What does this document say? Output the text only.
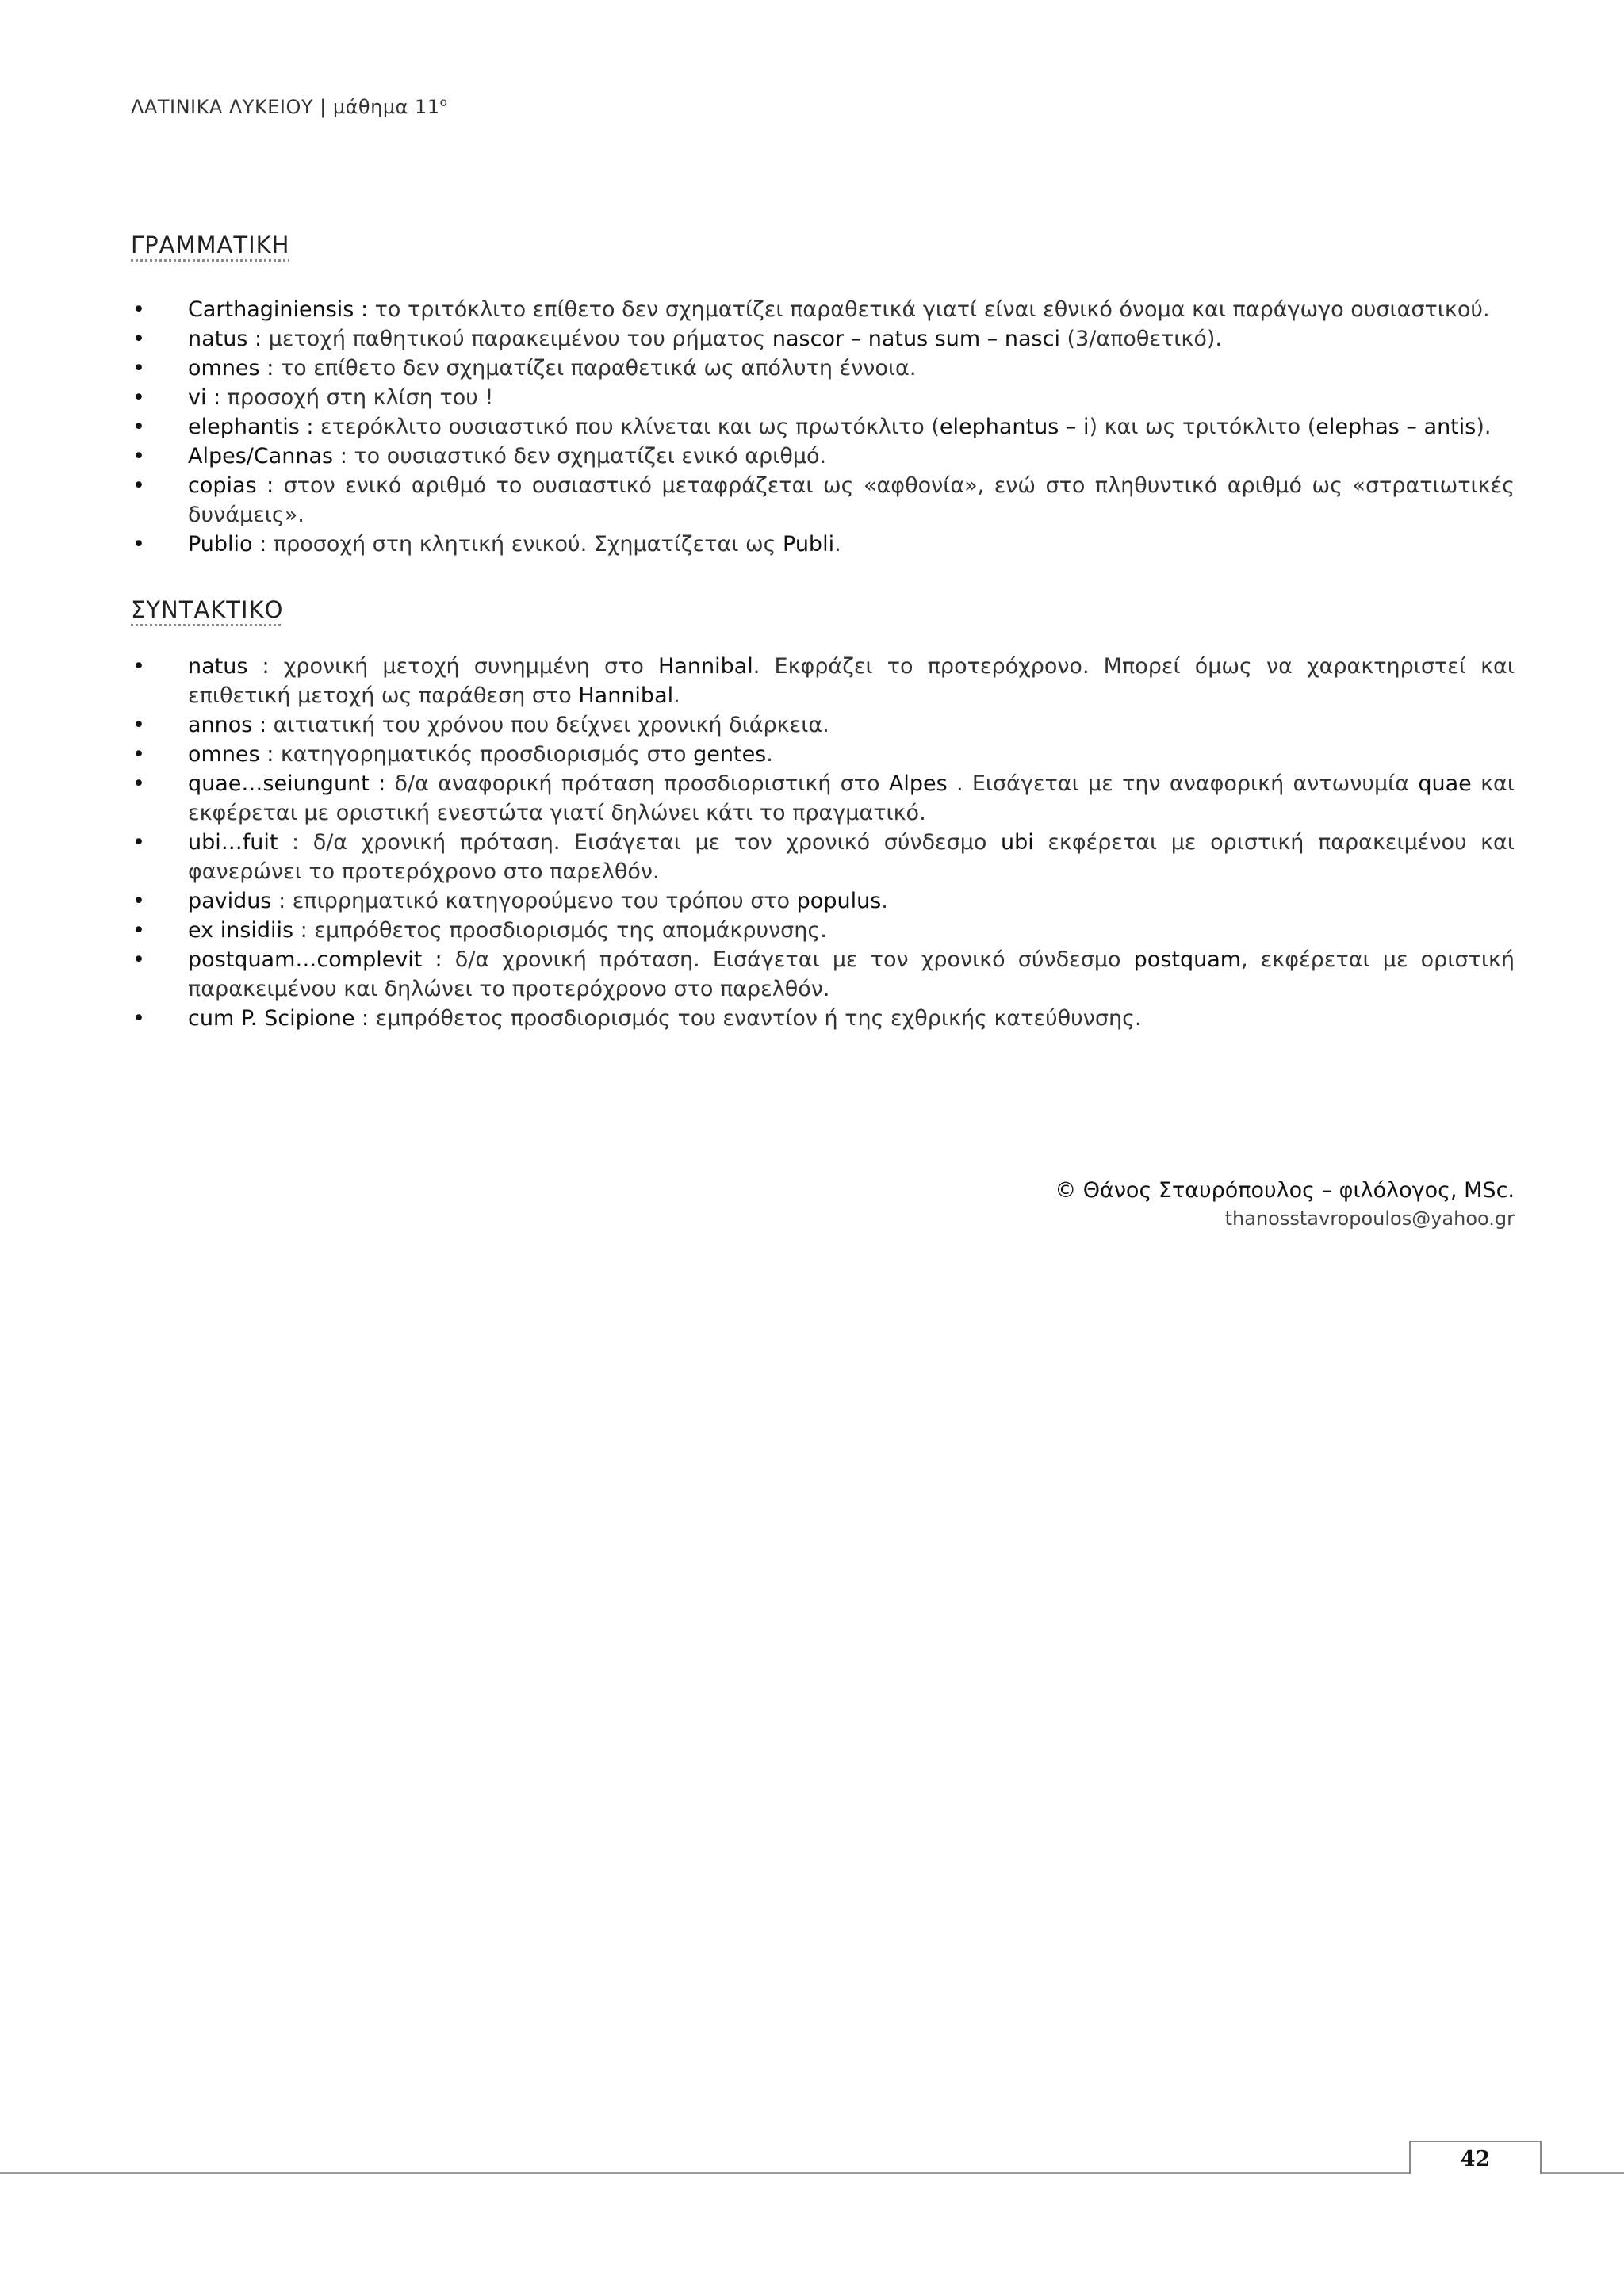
ΛΑΤΙΝΙΚΑ ΛΥΚΕΙΟΥ | μάθημα $11^o$
ΓΡΑΜΜΑΤΙΚΗ
• Carthaginiensis : το τριτόκλιτο επίθετο δεν σχηματίζει παραθετικά γιατί είναι εθνικό όνομα και παράγωγο ουσιαστικού.
• natus : μετοχή παθητικού παρακειμένου του ρήματος nascor – natus sum – nasci (3/αποθετικό).
• omnes : το επίθετο δεν σχηματίζει παραθετικά ως απόλυτη έννοια.
• vi : προσοχή στη κλίση του !
• elephantis : ετερόκλιτο ουσιαστικό που κλίνεται και ως πρωτόκλιτο (elephantus – i) και ως τριτόκλιτο (elephas – antis).
• Alpes/Cannas : το ουσιαστικό δεν σχηματίζει ενικό αριθμό.
• copias : στον ενικό αριθμό το ουσιαστικό μεταφράζεται ως «αφθονία», ενώ στο πληθυντικό αριθμό ως «στρατιωτικές δυνάμεις».
• Publio : προσοχή στη κλητική ενικού. Σχηματίζεται ως Publi.
ΣΥΝΤΑΚΤΙΚΟ
• natus : χρονική μετοχή συνημμένη στο Hannibal. Εκφράζει το προτερόχρονο. Μπορεί όμως να χαρακτηριστεί και επιθετική μετοχή ως παράθεση στο Hannibal.
• annos : αιτιατική του χρόνου που δείχνει χρονική διάρκεια.
• omnes : κατηγορηματικός προσδιορισμός στο gentes.
• quae…seiungunt : δ/α αναφορική πρόταση προσδιοριστική στο Alpes . Εισάγεται με την αναφορική αντωνυμία quae και εκφέρεται με οριστική ενεστώτα γιατί δηλώνει κάτι το πραγματικό.
• ubi…fuit : δ/α χρονική πρόταση. Εισάγεται με τον χρονικό σύνδεσμο ubi εκφέρεται με οριστική παρακειμένου και φανερώνει το προτερόχρονο στο παρελθόν.
• pavidus : επιρρηματικό κατηγορούμενο του τρόπου στο populus.
• ex insidiis : εμπρόθετος προσδιορισμός της απομάκρυνσης.
• postquam…complevit : δ/α χρονική πρόταση. Εισάγεται με τον χρονικό σύνδεσμο postquam, εκφέρεται με οριστική παρακειμένου και δηλώνει το προτερόχρονο στο παρελθόν.
• cum P. Scipione : εμπρόθετος προσδιορισμός του εναντίον ή της εχθρικής κατεύθυνσης.
© Θάνος Σταυρόπουλος – φιλόλογος, MSc.
thanosstavropoulos@yahoo.gr
42
